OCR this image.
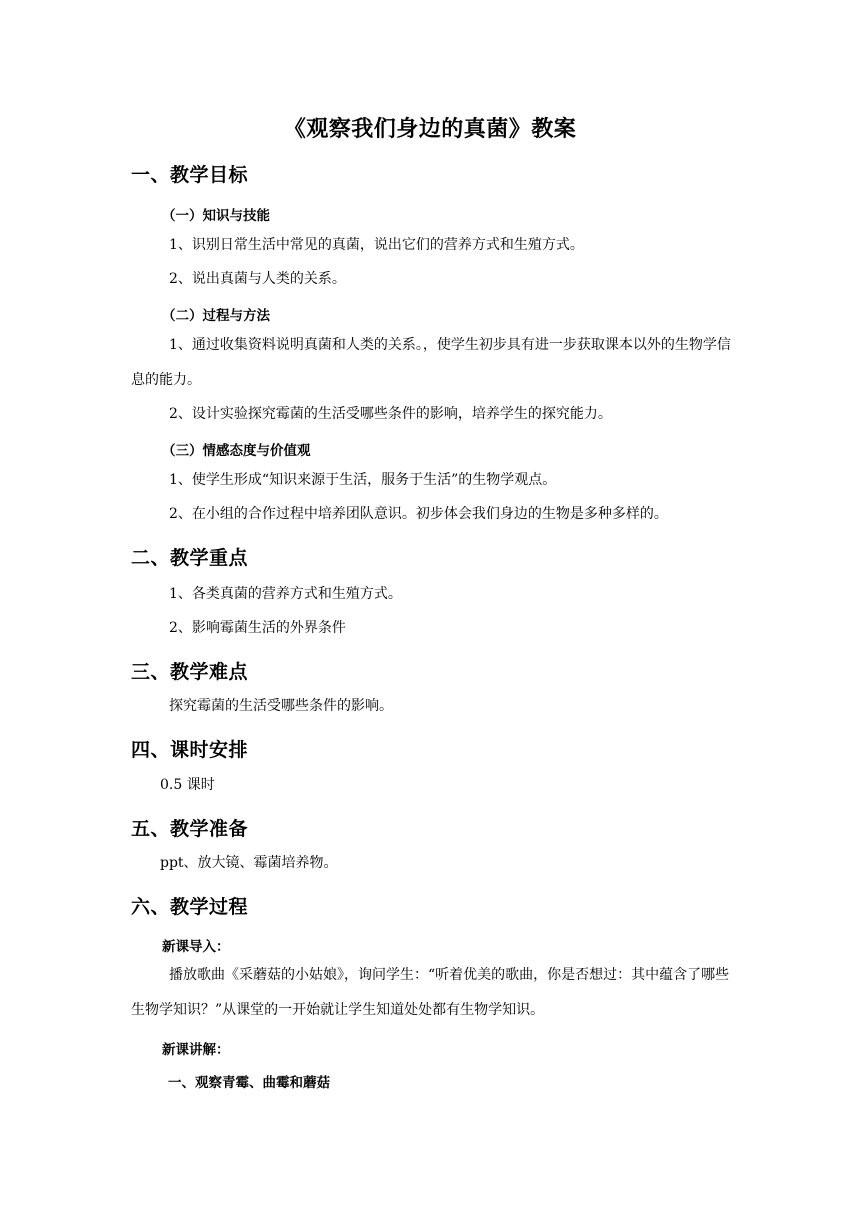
《观察我们身边的真菌》教案
一、教学目标
（一）知识与技能
1、识别日常生活中常见的真菌，说出它们的营养方式和生殖方式。
2、说出真菌与人类的关系。
（二）过程与方法
1、通过收集资料说明真菌和人类的关系。，使学生初步具有进一步获取课本以外的生物学信息的能力。
2、设计实验探究霉菌的生活受哪些条件的影响，培养学生的探究能力。
（三）情感态度与价值观
1、使学生形成“知识来源于生活，服务于生活”的生物学观点。
2、在小组的合作过程中培养团队意识。初步体会我们身边的生物是多种多样的。
二、教学重点
1、各类真菌的营养方式和生殖方式。
2、影响霉菌生活的外界条件
三、教学难点
探究霉菌的生活受哪些条件的影响。
四、课时安排
0.5 课时
五、教学准备
ppt、放大镜、霉菌培养物。
六、教学过程
新课导入：
播放歌曲《采蘑菇的小姑娘》，询问学生：“听着优美的歌曲，你是否想过：其中蕴含了哪些生物学知识？”从课堂的一开始就让学生知道处处都有生物学知识。
新课讲解：
一、观察青霉、曲霉和蘑菇
